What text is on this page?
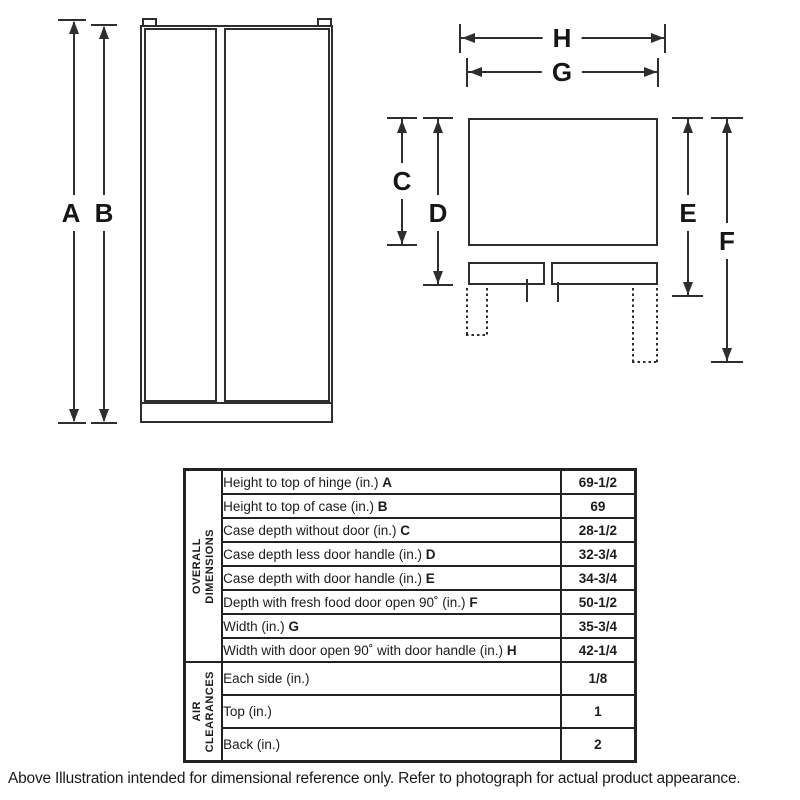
A B
H
G
C
D	E
F
OVERALL DIMENSIONS	Height to top of hinge (in.) A	69-1/2
	Height to top of case (in.) B	69
	Case depth without door (in.) C	28-1/2
	Case depth less door handle (in.) D	32-3/4
	Case depth with door handle (in.) E	34-3/4
	Depth with fresh food door open 90˚ (in.) F	50-1/2
	Width (in.) G	35-3/4
	Width with door open 90˚ with door handle (in.) H	42-1/4

AIR CLEARANCES	Each side (in.)	1/8
	Top (in.)	1
	Back (in.)	2
Above Illustration intended for dimensional reference only. Refer to photograph for actual product appearance.
